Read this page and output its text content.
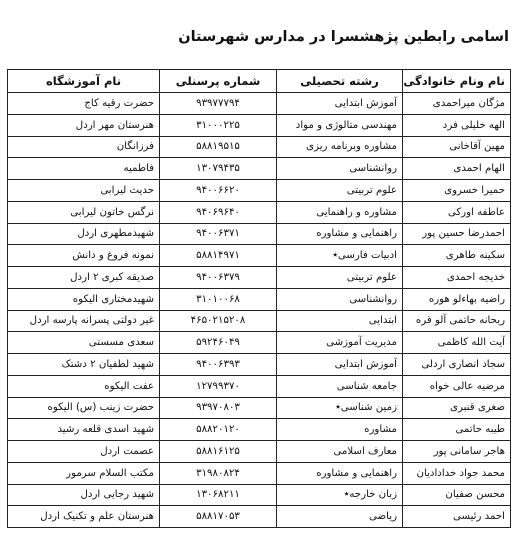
اسامی رابطین پژهشسرا در مدارس شهرستان
نام ونام خانوادگی	رشته تحصیلی	شماره پرسنلی	نام آموزشگاه
مژگان میراحمدی	آموزش ابتدایی	۹۳۹۷۷۷۹۴	حضرت رقیه کاج
الهه خلیلی فرد	مهندسی متالوژی و مواد	۳۱۰۰۰۲۲۵	هنرستان مهر اردل
مهین آقاخانی	مشاوره وبرنامه ریزی	۵۸۸۱۹۵۱۵	فرزانگان
الهام احمدی	روانشناسی	۱۳۰۷۹۴۳۵	فاطمیه
حمیرا خسروی	علوم تربیتی	۹۴۰۰۶۶۲۰	حدیث لیرابی
عاطفه اورکی	مشاوره و راهنمایی	۹۴۰۶۹۶۴۰	نرگس خاتون لیرابی
احمدرضا حسین پور	راهنمایی و مشاوره	۹۴۰۰۶۳۷۱	شهیدمطهری اردل
سکینه طاهری	ادبیات فارسی٭	۵۸۸۱۴۹۷۱	نمونه فروغ و دانش
خدیجه احمدی	علوم تربیتی	۹۴۰۰۶۳۷۹	صدیقه کبری ۲ اردل
راضیه بهاءلو هوره	روانشناسی	۳۱۰۱۰۰۶۸	شهیدمختاری الیکوه
ریحانه حاتمی آلو قره	ابتدایی	۴۶۵۰۲۱۵۲۰۸	غیر دولتی پسرانه پارسه اردل
آیت الله کاظمی	مدیریت آموزشی	۵۹۲۴۶۰۴۹	سعدی مسستی
سجاد انصاری اردلی	آموزش ابتدایی	۹۴۰۰۶۳۹۳	شهید لطفیان ۲ دشتک
مرضیه عالی خواه	جامعه شناسی	۱۲۷۹۹۳۷۰	عفت الیکوه
صغری قنبری	زمین شناسی٭	۹۳۹۷۰۸۰۳	حضرت زینب (س) الیکوه
طیبه حاتمی	مشاوره	۵۸۸۲۰۱۲۰	شهید اسدی قلعه رشید
هاجر سامانی پور	معارف اسلامی	۵۸۸۱۶۱۲۵	عصمت اردل
محمد جواد خداداديان	راهنمایی و مشاوره	۳۱۹۸۰۸۲۴	مکتب السلام سرمور
محسن صفیان	زبان خارجه٭	۱۳۰۶۸۲۱۱	شهید رجایی اردل
احمد رئیسی	ریاضی	۵۸۸۱۷۰۵۳	هنرستان علم و تکنیک اردل
